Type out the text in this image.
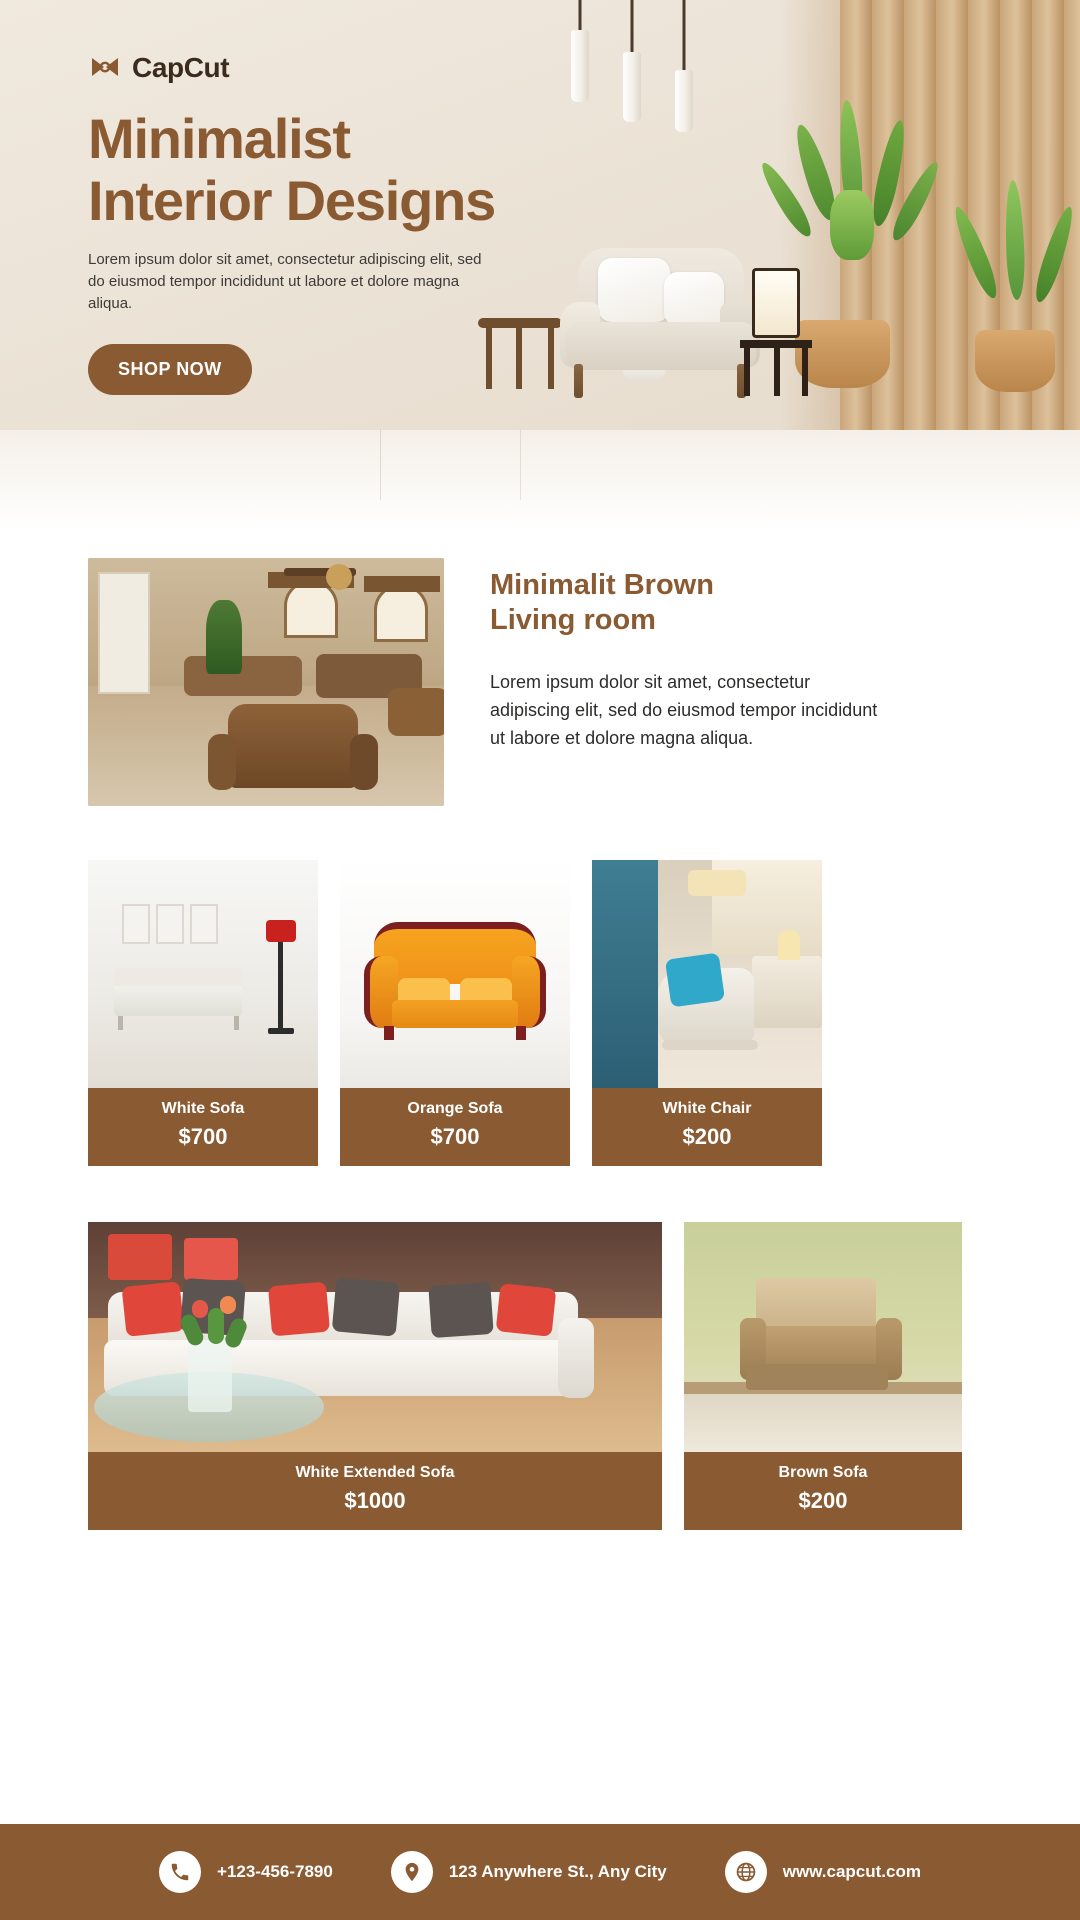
CapCut
Minimalist
Interior Designs

Lorem ipsum dolor sit amet, consectetur adipiscing elit, sed do eiusmod tempor incididunt ut labore et dolore magna aliqua.

SHOP NOW
Minimalit Brown
Living room

Lorem ipsum dolor sit amet, consectetur adipiscing elit, sed do eiusmod tempor incididunt ut labore et dolore magna aliqua.

White Sofa
$700
Orange Sofa
$700
White Chair
$200
White Extended Sofa
$1000
Brown Sofa
$200
+123-456-7890	123 Anywhere St., Any City	www.capcut.com
